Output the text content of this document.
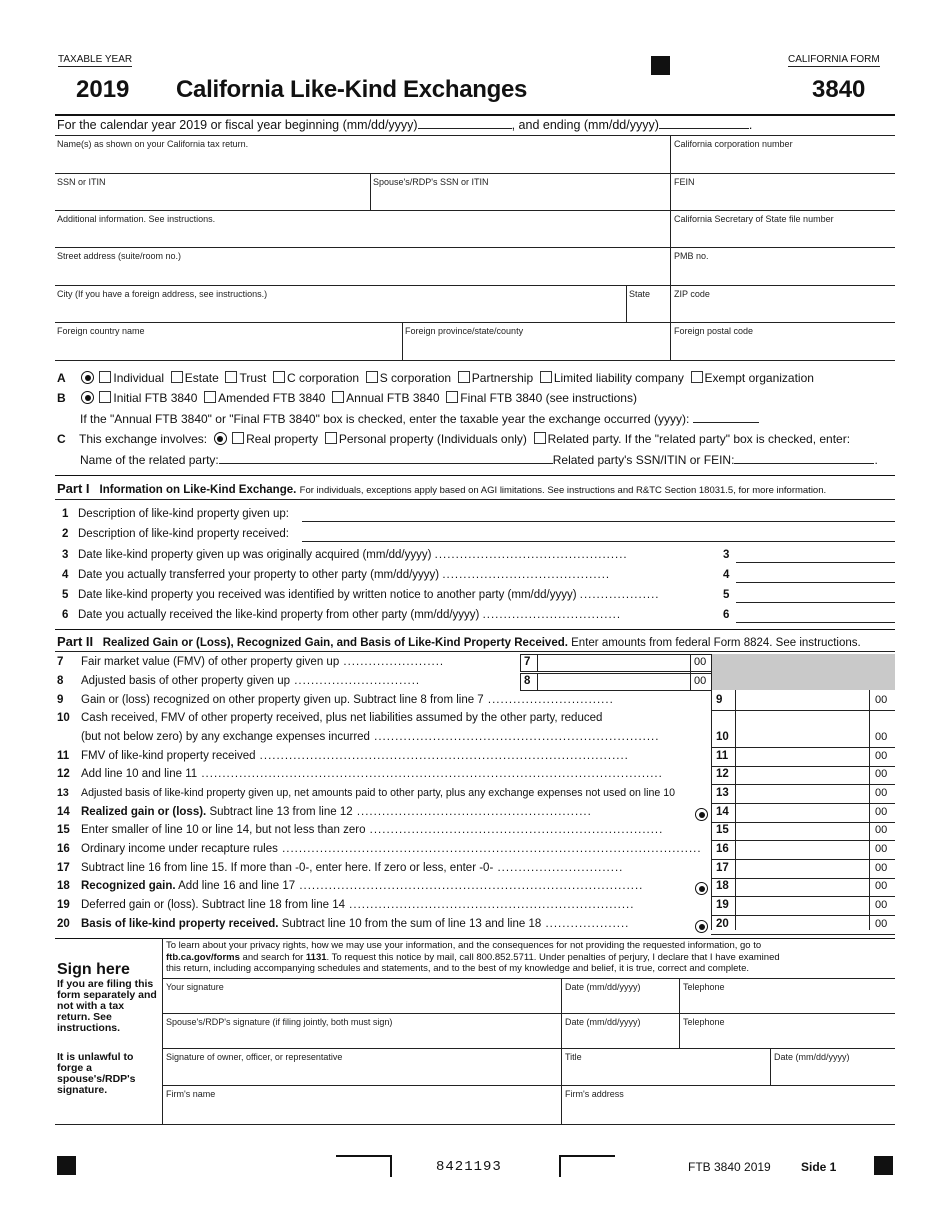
TAXABLE YEAR
2019 California Like-Kind Exchanges
CALIFORNIA FORM
3840
For the calendar year 2019 or fiscal year beginning (mm/dd/yyyy)	, and ending (mm/dd/yyyy)	.
Name(s) as shown on your California tax return.	California corporation number
SSN or ITIN	Spouse's/RDP's SSN or ITIN	FEIN
Additional information. See instructions.	California Secretary of State file number
Street address (suite/room no.)	PMB no.
City (If you have a foreign address, see instructions.)	State	ZIP code
Foreign country name	Foreign province/state/county	Foreign postal code
A	Individual Estate Trust C corporation S corporation Partnership Limited liability company Exempt organization
B	Initial FTB 3840 Amended FTB 3840 Annual FTB 3840 Final FTB 3840 (see instructions)
If the "Annual FTB 3840" or "Final FTB 3840" box is checked, enter the taxable year the exchange occurred (yyyy):
C This exchange involves:	Real property Personal property (Individuals only) Related party. If the "related party" box is checked, enter:
Name of the related party:	Related party's SSN/ITIN or FEIN:	.
Part I Information on Like-Kind Exchange. For individuals, exceptions apply based on AGI limitations. See instructions and R&TC Section 18031.5, for more information.
1 Description of like-kind property given up:
2 Description of like-kind property received:
3 Date like-kind property given up was originally acquired (mm/dd/yyyy) ..............................................	3
4 Date you actually transferred your property to other party (mm/dd/yyyy) ........................................	4
5 Date like-kind property you received was identified by written notice to another party (mm/dd/yyyy) ...................	5
6 Date you actually received the like-kind property from other party (mm/dd/yyyy) .................................	6
Part II Realized Gain or (Loss), Recognized Gain, and Basis of Like-Kind Property Received. Enter amounts from federal Form 8824. See instructions.
7 Fair market value (FMV) of other property given up ........................	7	00
8 Adjusted basis of other property given up ..............................	8	00
9 Gain or (loss) recognized on other property given up. Subtract line 8 from line 7 ..............................	9	00
10 Cash received, FMV of other property received, plus net liabilities assumed by the other party, reduced
(but not below zero) by any exchange expenses incurred ....................................................................	10	00
11 FMV of like-kind property received ........................................................................................	11	00
12 Add line 10 and line 11 ..............................................................................................................	12	00
13 Adjusted basis of like-kind property given up, net amounts paid to other party, plus any exchange expenses not used on line 10	13	00
14 Realized gain or (loss). Subtract line 13 from line 12 ........................................................	14	00
15 Enter smaller of line 10 or line 14, but not less than zero ......................................................................	15	00
16 Ordinary income under recapture rules .................................................................................................... 16	00
17 Subtract line 16 from line 15. If more than -0-, enter here. If zero or less, enter -0- ..............................	17	00
18 Recognized gain. Add line 16 and line 17 ..................................................................................	18	00
19 Deferred gain or (loss). Subtract line 18 from line 14 ....................................................................	19	00
20 Basis of like-kind property received. Subtract line 10 from the sum of line 13 and line 18 ....................	20	00
Sign here
If you are filing this form separately and not with a tax return. See instructions.
It is unlawful to forge a spouse's/RDP's signature.
To learn about your privacy rights, how we may use your information, and the consequences for not providing the requested information, go to
ftb.ca.gov/forms and search for 1131. To request this notice by mail, call 800.852.5711. Under penalties of perjury, I declare that I have examined
this return, including accompanying schedules and statements, and to the best of my knowledge and belief, it is true, correct and complete.
Your signature	Date (mm/dd/yyyy)	Telephone
Spouse's/RDP's signature (if filing jointly, both must sign)	Date (mm/dd/yyyy)	Telephone
Signature of owner, officer, or representative	Title	Date (mm/dd/yyyy)
Firm's name	Firm's address
8421193	FTB 3840 2019	Side 1
